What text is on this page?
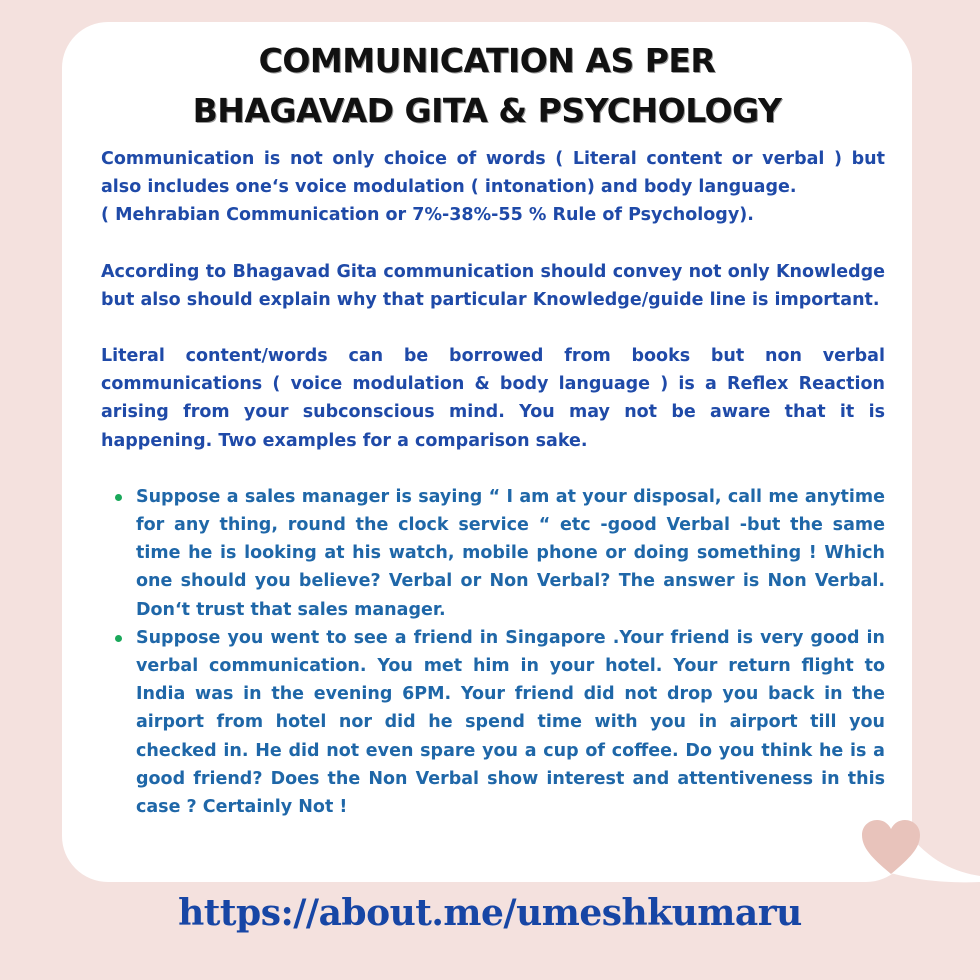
COMMUNICATION AS PER
BHAGAVAD GITA & PSYCHOLOGY
Communication is not only choice of words ( Literal content or verbal ) but also includes one‘s voice modulation ( intonation) and body language.
( Mehrabian Communication or 7%-38%-55 % Rule of Psychology).
According to Bhagavad Gita communication should convey not only Knowledge but also should explain why that particular Knowledge/guide line is important.
Literal content/words can be borrowed from books but non verbal communications ( voice modulation & body language ) is a Reflex Reaction arising from your subconscious mind. You may not be aware that it is happening. Two examples for a comparison sake.
Suppose a sales manager is saying “ I am at your disposal, call me anytime for any thing, round the clock service “ etc -good Verbal -but the same time he is looking at his watch, mobile phone or doing something ! Which one should you believe? Verbal or Non Verbal? The answer is Non Verbal. Don‘t trust that sales manager.
Suppose you went to see a friend in Singapore .Your friend is very good in verbal communication. You met him in your hotel. Your return flight to India was in the evening 6PM. Your friend did not drop you back in the airport from hotel nor did he spend time with you in airport till you checked in. He did not even spare you a cup of coffee. Do you think he is a good friend? Does the Non Verbal show interest and attentiveness in this case ? Certainly Not !
https://about.me/umeshkumaru
